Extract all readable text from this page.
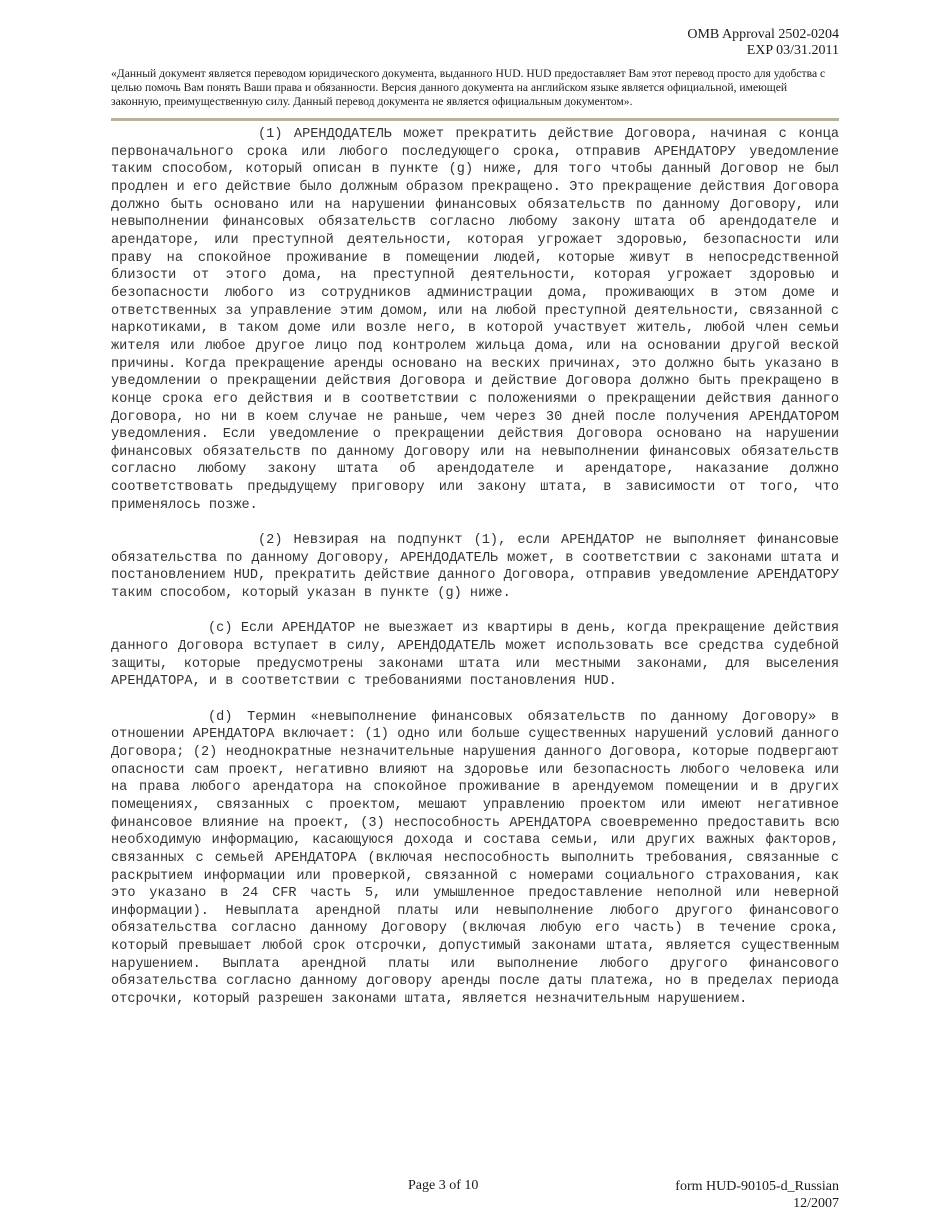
OMB Approval 2502-0204
EXP 03/31.2011
«Данный документ является переводом юридического документа, выданного HUD. HUD предоставляет Вам этот перевод просто для удобства с целью помочь Вам понять Ваши права и обязанности. Версия данного документа на английском языке является официальной, имеющей законную, преимущественную силу. Данный перевод документа не является официальным документом».

(1) АРЕНДОДАТЕЛЬ может прекратить действие Договора, начиная с конца первоначального срока или любого последующего срока, отправив АРЕНДАТОРУ уведомление таким способом, который описан в пункте (g) ниже, для того чтобы данный Договор не был продлен и его действие было должным образом прекращено. Это прекращение действия Договора должно быть основано или на нарушении финансовых обязательств по данному Договору, или невыполнении финансовых обязательств согласно любому закону штата об арендодателе и арендаторе, или преступной деятельности, которая угрожает здоровью, безопасности или праву на спокойное проживание в помещении людей, которые живут в непосредственной близости от этого дома, на преступной деятельности, которая угрожает здоровью и безопасности любого из сотрудников администрации дома, проживающих в этом доме и ответственных за управление этим домом, или на любой преступной деятельности, связанной с наркотиками, в таком доме или возле него, в которой участвует житель, любой член семьи жителя или любое другое лицо под контролем жильца дома, или на основании другой веской причины. Когда прекращение аренды основано на веских причинах, это должно быть указано в уведомлении о прекращении действия Договора и действие Договора должно быть прекращено в конце срока его действия и в соответствии с положениями о прекращении действия данного Договора, но ни в коем случае не раньше, чем через 30 дней после получения АРЕНДАТОРОМ уведомления. Если уведомление о прекращении действия Договора основано на нарушении финансовых обязательств по данному Договору или на невыполнении финансовых обязательств согласно любому закону штата об арендодателе и арендаторе, наказание должно соответствовать предыдущему приговору или закону штата, в зависимости от того, что применялось позже.

(2) Невзирая на подпункт (1), если АРЕНДАТОР не выполняет финансовые обязательства по данному Договору, АРЕНДОДАТЕЛЬ может, в соответствии с законами штата и постановлением HUD, прекратить действие данного Договора, отправив уведомление АРЕНДАТОРУ таким способом, который указан в пункте (g) ниже.

(c) Если АРЕНДАТОР не выезжает из квартиры в день, когда прекращение действия данного Договора вступает в силу, АРЕНДОДАТЕЛЬ может использовать все средства судебной защиты, которые предусмотрены законами штата или местными законами, для выселения АРЕНДАТОРА, и в соответствии с требованиями постановления HUD.

(d) Термин «невыполнение финансовых обязательств по данному Договору» в отношении АРЕНДАТОРА включает: (1) одно или больше существенных нарушений условий данного Договора; (2) неоднократные незначительные нарушения данного Договора, которые подвергают опасности сам проект, негативно влияют на здоровье или безопасность любого человека или на права любого арендатора на спокойное проживание в арендуемом помещении и в других помещениях, связанных с проектом, мешают управлению проектом или имеют негативное финансовое влияние на проект, (3) неспособность АРЕНДАТОРА своевременно предоставить всю необходимую информацию, касающуюся дохода и состава семьи, или других важных факторов, связанных с семьей АРЕНДАТОРА (включая неспособность выполнить требования, связанные с раскрытием информации или проверкой, связанной с номерами социального страхования, как это указано в 24 CFR часть 5, или умышленное предоставление неполной или неверной информации). Невыплата арендной платы или невыполнение любого другого финансового обязательства согласно данному Договору (включая любую его часть) в течение срока, который превышает любой срок отсрочки, допустимый законами штата, является существенным нарушением. Выплата арендной платы или выполнение любого другого финансового обязательства согласно данному договору аренды после даты платежа, но в пределах периода отсрочки, который разрешен законами штата, является незначительным нарушением.

Page 3 of 10	form HUD-90105-d_Russian
12/2007
